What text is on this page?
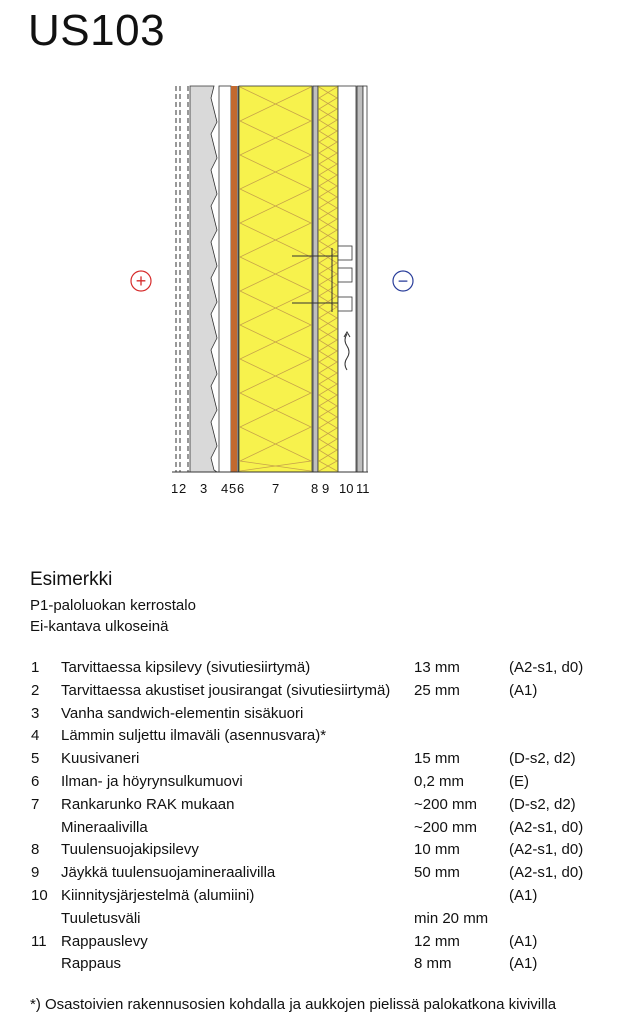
US103
+	−
1 2 3 4 5 6 7 8 9 10 11
Esimerkki
P1-paloluokan kerrostalo
Ei-kantava ulkoseinä
1 Tarvittaessa kipsilevy (sivutiesiirtymä)	13 mm	(A2-s1, d0)
2 Tarvittaessa akustiset jousirangat (sivutiesiirtymä) 25 mm	(A1)
3 Vanha sandwich-elementin sisäkuori
4 Lämmin suljettu ilmaväli (asennusvara)*
5 Kuusivaneri	15 mm	(D-s2, d2)
6 Ilman- ja höyrynsulkumuovi	0,2 mm	(E)
7 Rankarunko RAK mukaan	~200 mm (D-s2, d2)
Mineraalivilla	~200 mm (A2-s1, d0)
8 Tuulensuojakipsilevy	10 mm	(A2-s1, d0)
9 Jäykkä tuulensuojamineraalivilla	50 mm	(A2-s1, d0)
10 Kiinnitysjärjestelmä (alumiini)	(A1)
Tuuletusväli	min 20 mm
11 Rappauslevy	12 mm	(A1)
Rappaus	8 mm	(A1)
*) Osastoivien rakennusosien kohdalla ja aukkojen pielissä palokatkona kivivilla
